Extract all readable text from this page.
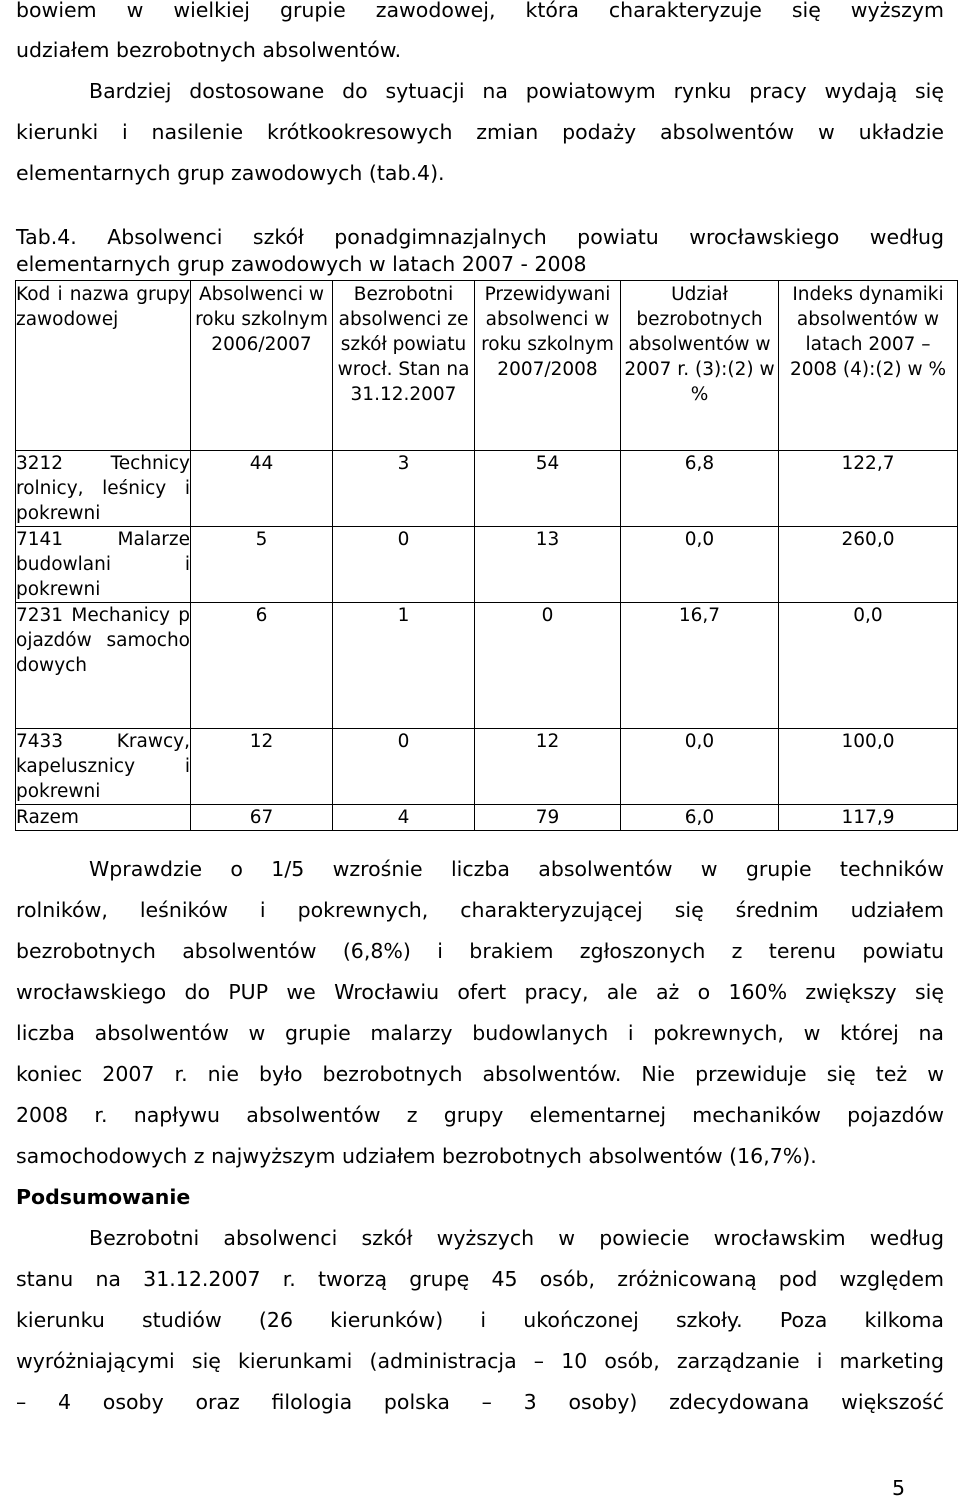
bowiem w wielkiej grupie zawodowej, która charakteryzuje się wyższym
udziałem bezrobotnych absolwentów.
Bardziej dostosowane do sytuacji na powiatowym rynku pracy wydają się
kierunki i nasilenie krótkookresowych zmian podaży absolwentów w układzie
elementarnych grup zawodowych (tab.4).
Tab.4. Absolwenci szkół ponadgimnazjalnych powiatu wrocławskiego według
elementarnych grup zawodowych w latach 2007 - 2008
Kod i nazwa grupy zawodowej	Absolwenci w roku szkolnym 2006/2007	Bezrobotni absolwenci ze szkół powiatu wrocł. Stan na 31.12.2007	Przewidywani absolwenci w roku szkolnym 2007/2008	Udział bezrobotnych absolwentów w 2007 r. (3):(2) w %	Indeks dynamiki absolwentów w latach 2007 – 2008 (4):(2) w %
3212 Technicy rolnicy, leśnicy i pokrewni	44	3	54	6,8	122,7
7141 Malarze budowlani i pokrewni	5	0	13	0,0	260,0
7231 Mechanicy pojazdów samochodowych	6	1	0	16,7	0,0
7433 Krawcy, kapelusznicy i pokrewni	12	0	12	0,0	100,0
Razem	67	4	79	6,0	117,9
Wprawdzie o 1/5 wzrośnie liczba absolwentów w grupie techników
rolników, leśników i pokrewnych, charakteryzującej się średnim udziałem
bezrobotnych absolwentów (6,8%) i brakiem zgłoszonych z terenu powiatu
wrocławskiego do PUP we Wrocławiu ofert pracy, ale aż o 160% zwiększy się
liczba absolwentów w grupie malarzy budowlanych i pokrewnych, w której na
koniec 2007 r. nie było bezrobotnych absolwentów. Nie przewiduje się też w
2008 r. napływu absolwentów z grupy elementarnej mechaników pojazdów
samochodowych z najwyższym udziałem bezrobotnych absolwentów (16,7%).
Podsumowanie
Bezrobotni absolwenci szkół wyższych w powiecie wrocławskim według
stanu na 31.12.2007 r. tworzą grupę 45 osób, zróżnicowaną pod względem
kierunku studiów (26 kierunków) i ukończonej szkoły. Poza kilkoma
wyróżniającymi się kierunkami (administracja – 10 osób, zarządzanie i marketing
– 4 osoby oraz filologia polska – 3 osoby) zdecydowana większość
5
